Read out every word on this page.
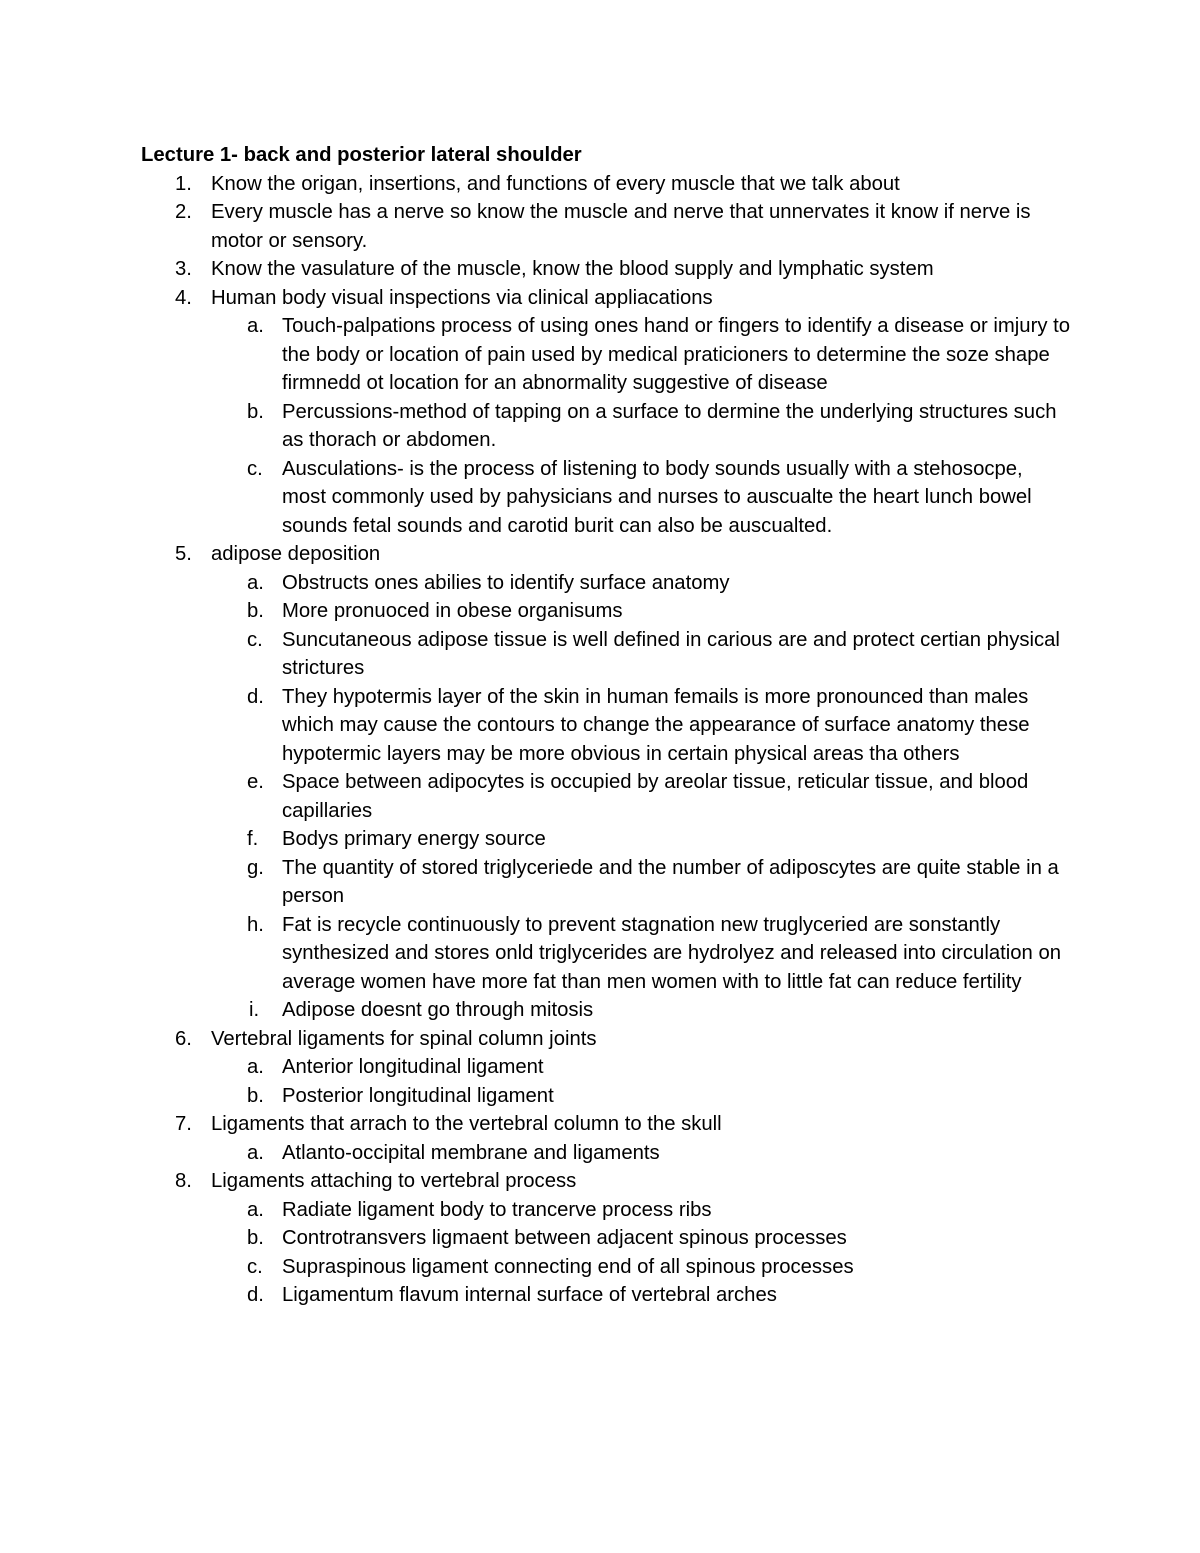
Lecture 1- back and posterior lateral shoulder
1. Know the origan, insertions, and functions of every muscle that we talk about
2. Every muscle has a nerve so know the muscle and nerve that unnervates it know if nerve is motor or sensory.
3. Know the vasulature of the muscle, know the blood supply and lymphatic system
4. Human body visual inspections via clinical appliacations
a. Touch-palpations process of using ones hand or fingers to identify a disease or imjury to the body or location of pain used by medical praticioners to determine the soze shape firmnedd ot location for an abnormality suggestive of disease
b. Percussions-method of tapping on a surface to dermine the underlying structures such as thorach or abdomen.
c. Ausculations- is the process of listening to body sounds usually with a stehosocpe, most commonly used by pahysicians and nurses to auscualte the heart lunch bowel sounds fetal sounds and carotid burit can also be auscualted.
5. adipose deposition
a. Obstructs ones abilies to identify surface anatomy
b. More pronuoced in obese organisums
c. Suncutaneous adipose tissue is well defined in carious are and protect certian physical strictures
d. They hypotermis layer of the skin in human femails is more pronounced than males which may cause the contours to change the appearance of surface anatomy these hypotermic layers may be more obvious in certain physical areas tha others
e. Space between adipocytes is occupied by areolar tissue, reticular tissue, and blood capillaries
f. Bodys primary energy source
g. The quantity of stored triglyceriede and the number of adiposcytes are quite stable in a person
h. Fat is recycle continuously to prevent stagnation new truglyceried are sonstantly synthesized and stores onld triglycerides are hydrolyez and released into circulation on average women have more fat than men women with to little fat can reduce fertility
i. Adipose doesnt go through mitosis
6. Vertebral ligaments for spinal column joints
a. Anterior longitudinal ligament
b. Posterior longitudinal ligament
7. Ligaments that arrach to the vertebral column to the skull
a. Atlanto-occipital membrane and ligaments
8. Ligaments attaching to vertebral process
a. Radiate ligament body to trancerve process ribs
b. Controtransvers ligmaent between adjacent spinous processes
c. Supraspinous ligament connecting end of all spinous processes
d. Ligamentum flavum internal surface of vertebral arches
